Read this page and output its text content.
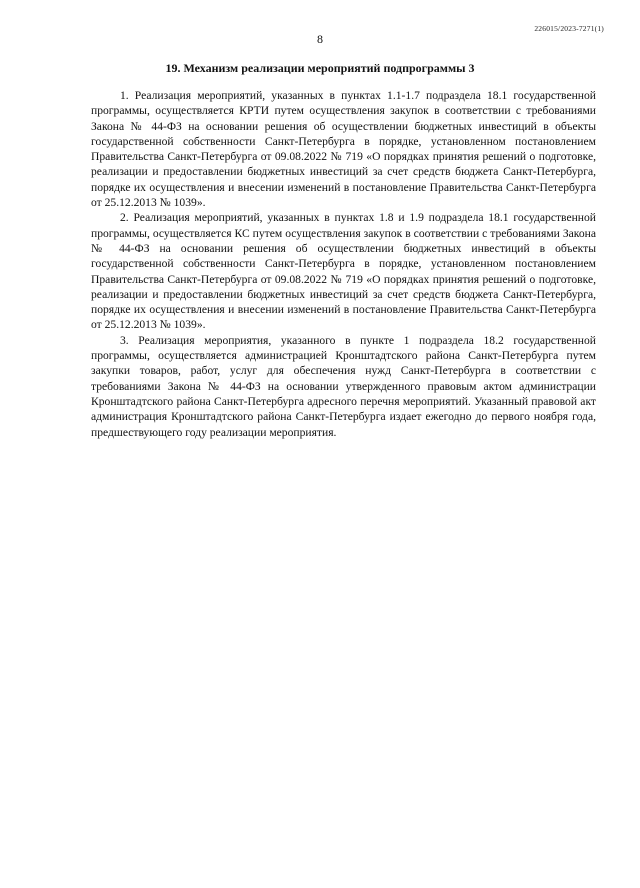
226015/2023-7271(1)
8
19. Механизм реализации мероприятий подпрограммы 3

1. Реализация мероприятий, указанных в пунктах 1.1-1.7 подраздела 18.1 государственной программы, осуществляется КРТИ путем осуществления закупок в соответствии с требованиями Закона № 44-ФЗ на основании решения об осуществлении бюджетных инвестиций в объекты государственной собственности Санкт-Петербурга в порядке, установленном постановлением Правительства Санкт-Петербурга от 09.08.2022 № 719 «О порядках принятия решений о подготовке, реализации и предоставлении бюджетных инвестиций за счет средств бюджета Санкт-Петербурга, порядке их осуществления и внесении изменений в постановление Правительства Санкт-Петербурга от 25.12.2013 № 1039».

2. Реализация мероприятий, указанных в пунктах 1.8 и 1.9 подраздела 18.1 государственной программы, осуществляется КС путем осуществления закупок в соответствии с требованиями Закона № 44-ФЗ на основании решения об осуществлении бюджетных инвестиций в объекты государственной собственности Санкт-Петербурга в порядке, установленном постановлением Правительства Санкт-Петербурга от 09.08.2022 № 719 «О порядках принятия решений о подготовке, реализации и предоставлении бюджетных инвестиций за счет средств бюджета Санкт-Петербурга, порядке их осуществления и внесении изменений в постановление Правительства Санкт-Петербурга от 25.12.2013 № 1039».

3. Реализация мероприятия, указанного в пункте 1 подраздела 18.2 государственной программы, осуществляется администрацией Кронштадтского района Санкт-Петербурга путем закупки товаров, работ, услуг для обеспечения нужд Санкт-Петербурга в соответствии с требованиями Закона № 44-ФЗ на основании утвержденного правовым актом администрации Кронштадтского района Санкт-Петербурга адресного перечня мероприятий. Указанный правовой акт администрация Кронштадтского района Санкт-Петербурга издает ежегодно до первого ноября года, предшествующего году реализации мероприятия.
